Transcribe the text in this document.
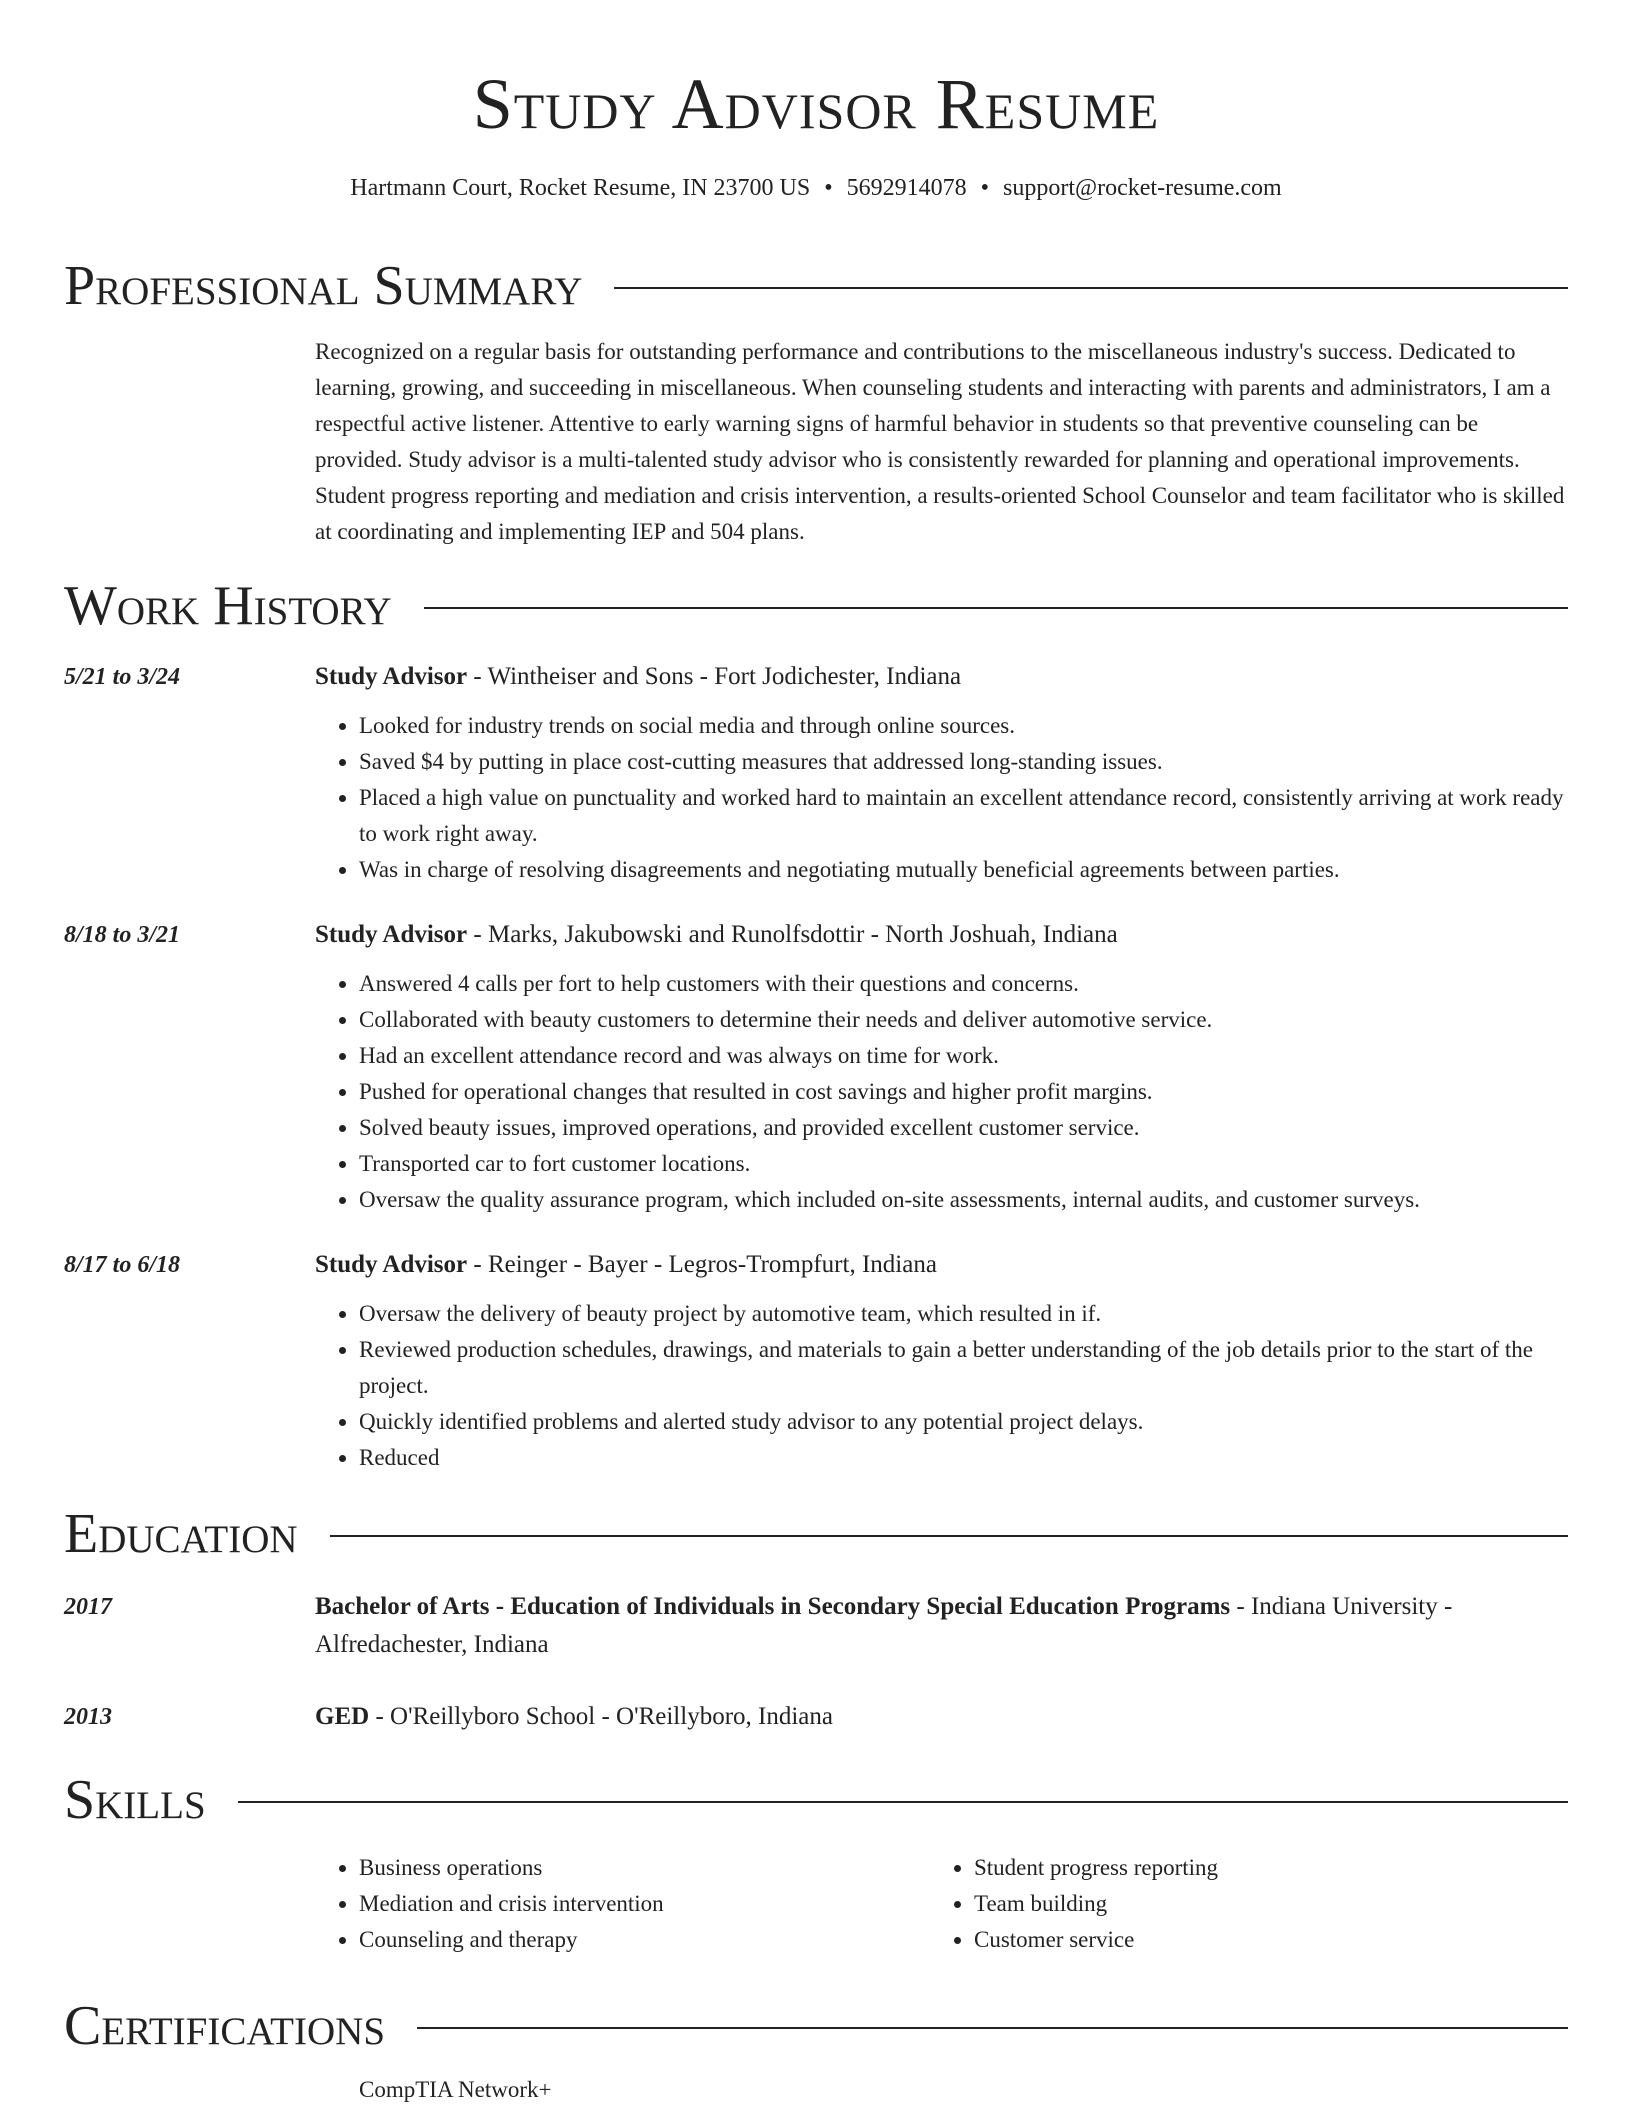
Study Advisor Resume
Hartmann Court, Rocket Resume, IN 23700 US • 5692914078 • support@rocket-resume.com
Professional Summary
Recognized on a regular basis for outstanding performance and contributions to the miscellaneous industry's success. Dedicated to learning, growing, and succeeding in miscellaneous. When counseling students and interacting with parents and administrators, I am a respectful active listener. Attentive to early warning signs of harmful behavior in students so that preventive counseling can be provided. Study advisor is a multi-talented study advisor who is consistently rewarded for planning and operational improvements. Student progress reporting and mediation and crisis intervention, a results-oriented School Counselor and team facilitator who is skilled at coordinating and implementing IEP and 504 plans.
Work History
5/21 to 3/24	Study Advisor - Wintheiser and Sons - Fort Jodichester, Indiana
• Looked for industry trends on social media and through online sources.
• Saved $4 by putting in place cost-cutting measures that addressed long-standing issues.
• Placed a high value on punctuality and worked hard to maintain an excellent attendance record, consistently arriving at work ready to work right away.
• Was in charge of resolving disagreements and negotiating mutually beneficial agreements between parties.
8/18 to 3/21	Study Advisor - Marks, Jakubowski and Runolfsdottir - North Joshuah, Indiana
• Answered 4 calls per fort to help customers with their questions and concerns.
• Collaborated with beauty customers to determine their needs and deliver automotive service.
• Had an excellent attendance record and was always on time for work.
• Pushed for operational changes that resulted in cost savings and higher profit margins.
• Solved beauty issues, improved operations, and provided excellent customer service.
• Transported car to fort customer locations.
• Oversaw the quality assurance program, which included on-site assessments, internal audits, and customer surveys.
8/17 to 6/18	Study Advisor - Reinger - Bayer - Legros-Trompfurt, Indiana
• Oversaw the delivery of beauty project by automotive team, which resulted in if.
• Reviewed production schedules, drawings, and materials to gain a better understanding of the job details prior to the start of the project.
• Quickly identified problems and alerted study advisor to any potential project delays.
• Reduced
Education
2017	Bachelor of Arts - Education of Individuals in Secondary Special Education Programs - Indiana University - Alfredachester, Indiana
2013	GED - O'Reillyboro School - O'Reillyboro, Indiana
Skills
• Business operations
• Mediation and crisis intervention
• Counseling and therapy
• Student progress reporting
• Team building
• Customer service
Certifications
CompTIA Network+
